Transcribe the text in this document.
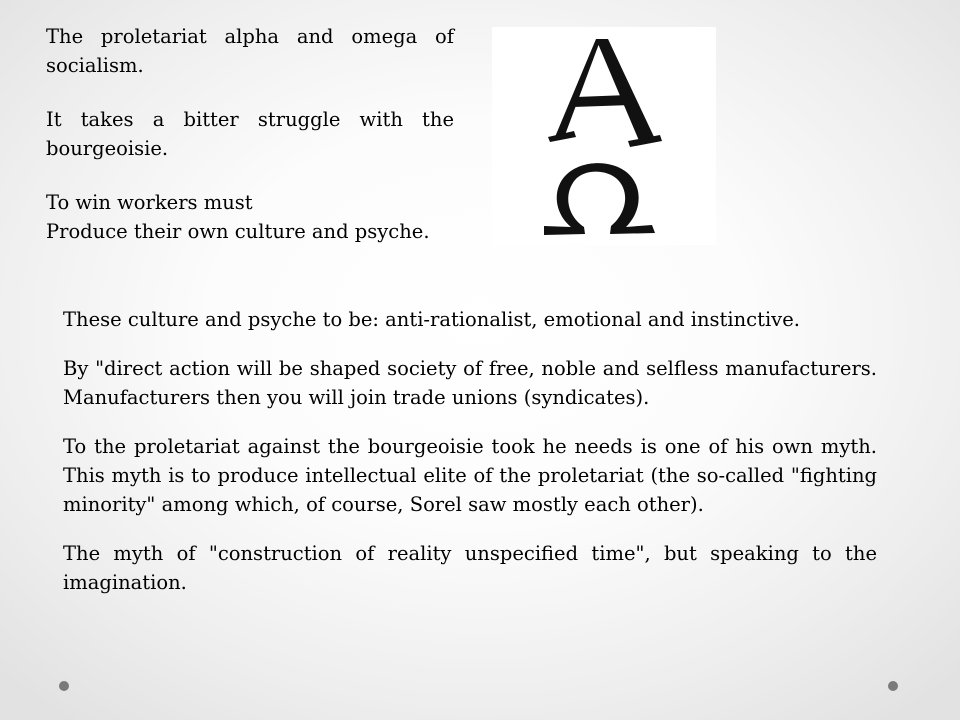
The proletariat alpha and omega of socialism.

It takes a bitter struggle with the bourgeoisie.

To win workers must

Produce their own culture and psyche.

These culture and psyche to be: anti-rationalist, emotional and instinctive.

By "direct action will be shaped society of free, noble and selfless manufacturers. Manufacturers then you will join trade unions (syndicates).

To the proletariat against the bourgeoisie took he needs is one of his own myth. This myth is to produce intellectual elite of the proletariat (the so-called "fighting minority" among which, of course, Sorel saw mostly each other).

The myth of "construction of reality unspecified time", but speaking to the imagination.
